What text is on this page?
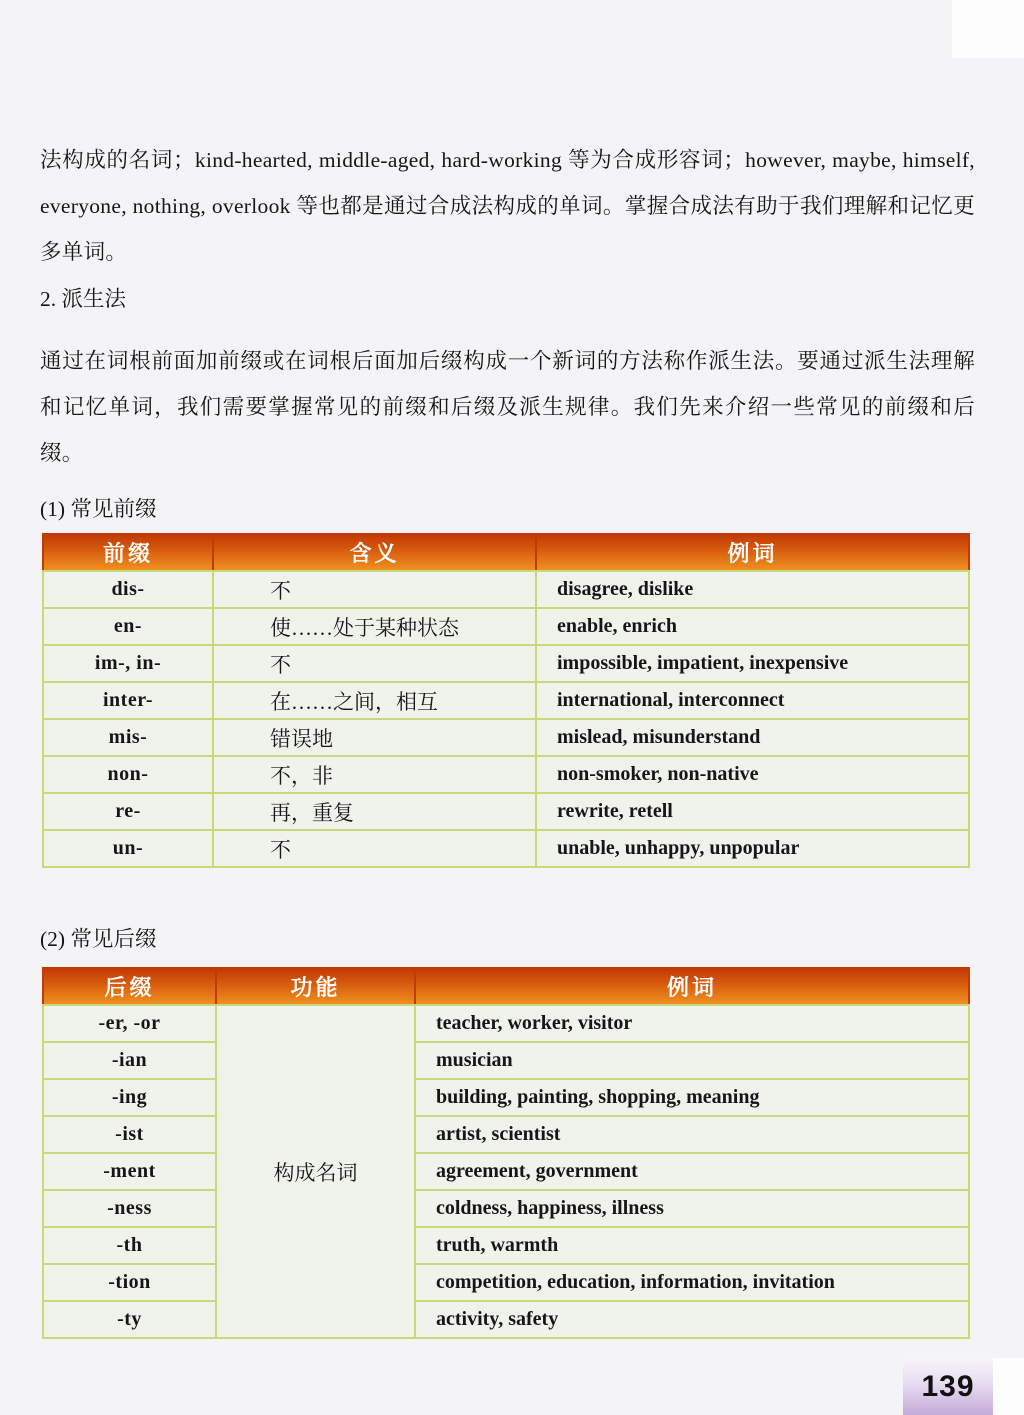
法构成的名词；kind-hearted, middle-aged, hard-working 等为合成形容词；however, maybe, himself, everyone, nothing, overlook 等也都是通过合成法构成的单词。掌握合成法有助于我们理解和记忆更多单词。

2. 派生法

通过在词根前面加前缀或在词根后面加后缀构成一个新词的方法称作派生法。要通过派生法理解和记忆单词，我们需要掌握常见的前缀和后缀及派生规律。我们先来介绍一些常见的前缀和后缀。

(1) 常见前缀
前缀	含义	例词
dis-	不	disagree, dislike
en-	使……处于某种状态	enable, enrich
im-, in-	不	impossible, impatient, inexpensive
inter-	在……之间，相互	international, interconnect
mis-	错误地	mislead, misunderstand
non-	不，非	non-smoker, non-native
re-	再，重复	rewrite, retell
un-	不	unable, unhappy, unpopular
(2) 常见后缀
后缀	功能	例词
-er, -or	构成名词	teacher, worker, visitor
-ian		musician
-ing		building, painting, shopping, meaning
-ist		artist, scientist
-ment		agreement, government
-ness		coldness, happiness, illness
-th		truth, warmth
-tion		competition, education, information, invitation
-ty		activity, safety
139
